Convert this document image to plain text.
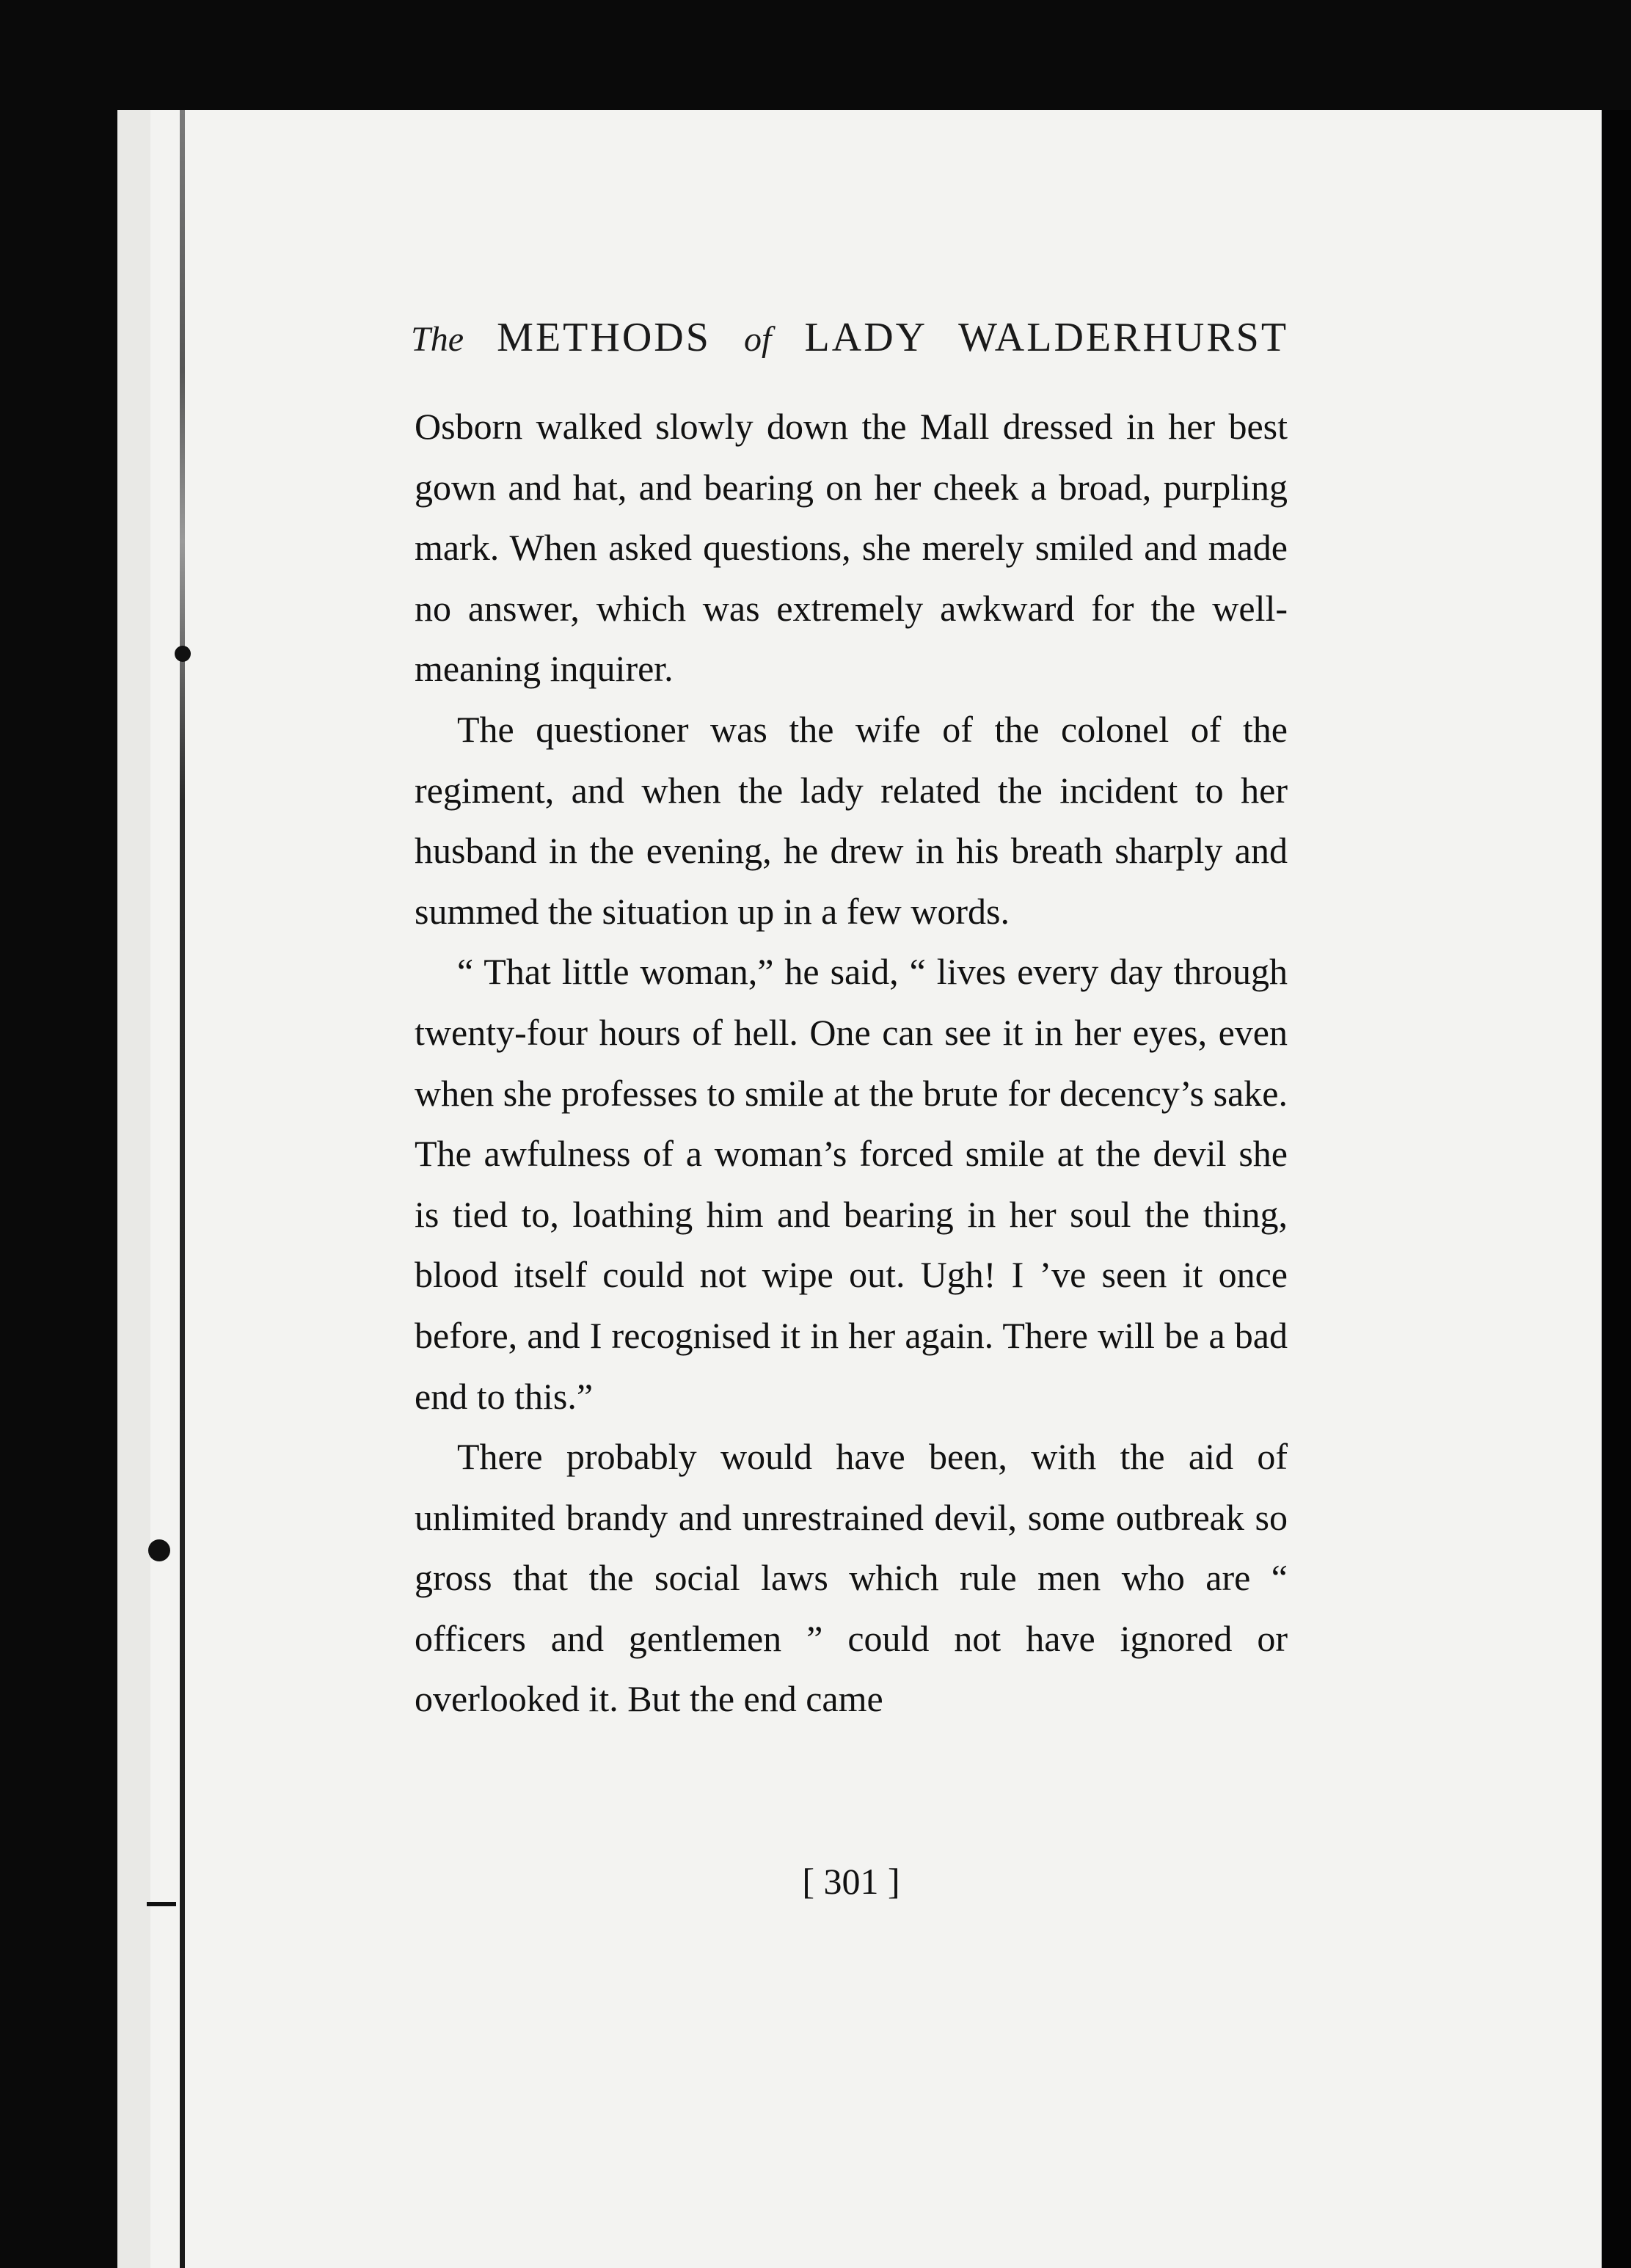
The METHODS of LADY WALDERHURST

Osborn walked slowly down the Mall dressed in her best gown and hat, and bearing on her cheek a broad, purpling mark. When asked questions, she merely smiled and made no answer, which was extremely awkward for the well-meaning inquirer.

The questioner was the wife of the colonel of the regiment, and when the lady related the incident to her husband in the evening, he drew in his breath sharply and summed the situation up in a few words.

“ That little woman,” he said, “ lives every day through twenty-four hours of hell. One can see it in her eyes, even when she professes to smile at the brute for decency’s sake. The awfulness of a woman’s forced smile at the devil she is tied to, loathing him and bearing in her soul the thing, blood itself could not wipe out. Ugh! I ’ve seen it once before, and I recognised it in her again. There will be a bad end to this.”

There probably would have been, with the aid of unlimited brandy and unrestrained devil, some outbreak so gross that the social laws which rule men who are “ officers and gentlemen ” could not have ignored or overlooked it. But the end came

[ 301 ]
